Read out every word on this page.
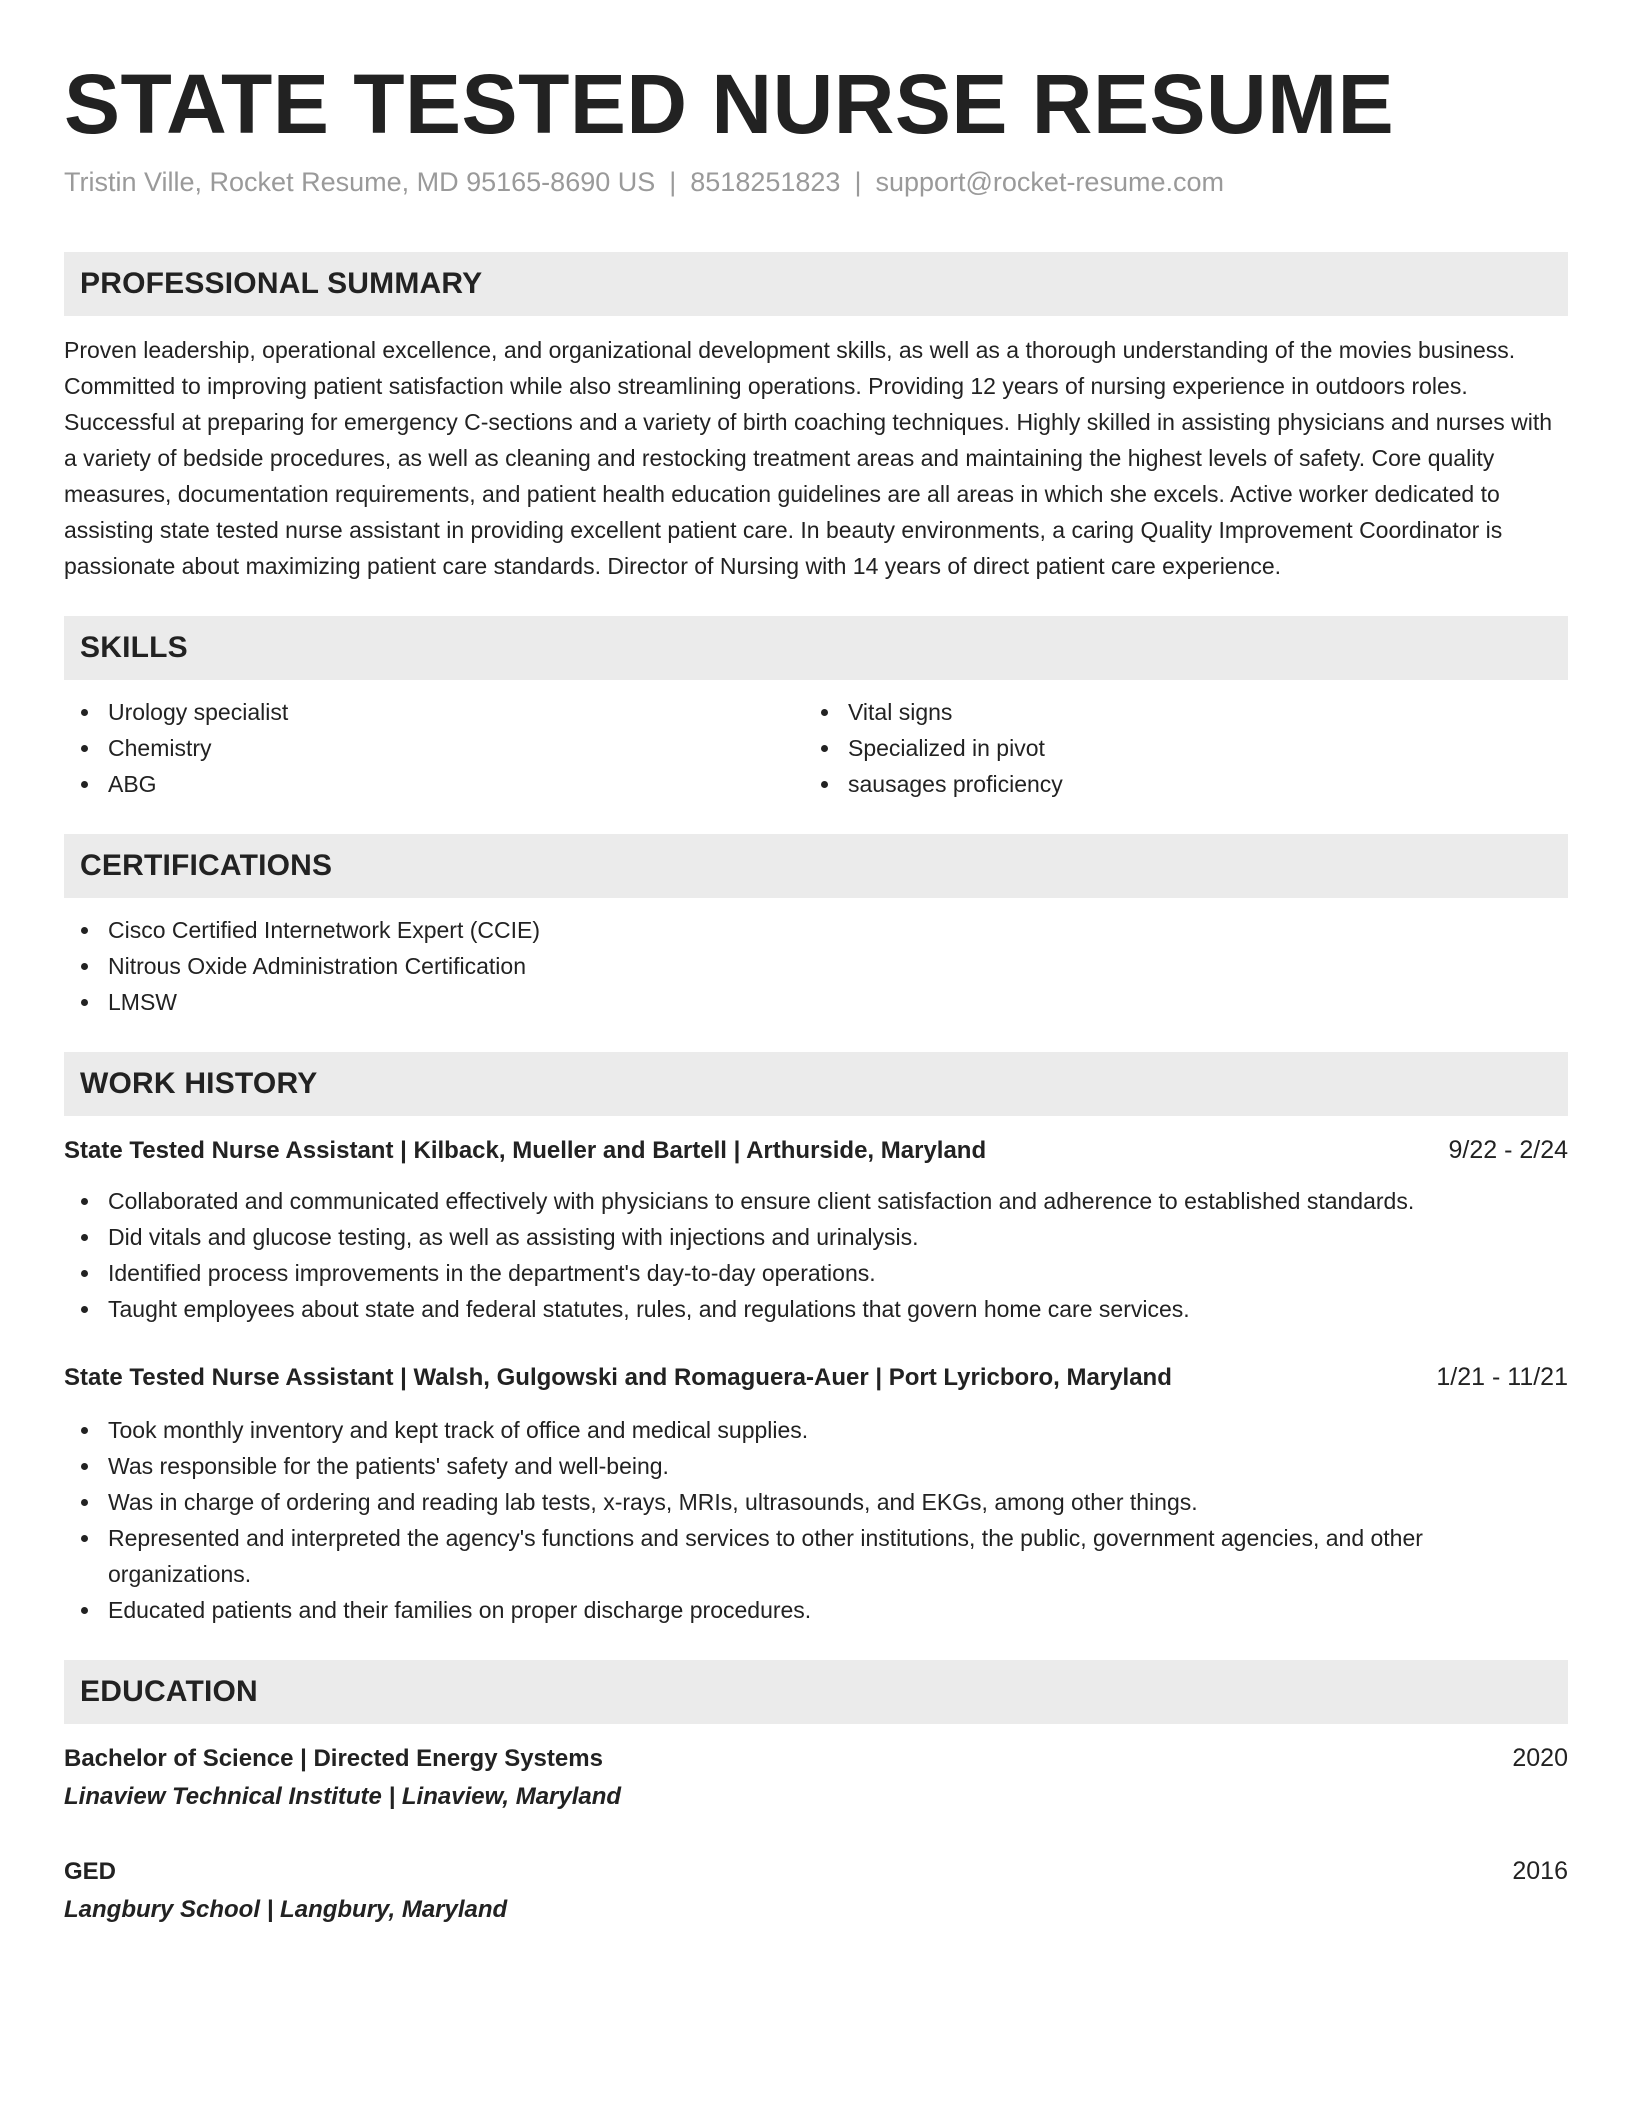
STATE TESTED NURSE RESUME
Tristin Ville, Rocket Resume, MD 95165-8690 US | 8518251823 | support@rocket-resume.com
PROFESSIONAL SUMMARY

Proven leadership, operational excellence, and organizational development skills, as well as a thorough understanding of the movies business. Committed to improving patient satisfaction while also streamlining operations. Providing 12 years of nursing experience in outdoors roles. Successful at preparing for emergency C-sections and a variety of birth coaching techniques. Highly skilled in assisting physicians and nurses with a variety of bedside procedures, as well as cleaning and restocking treatment areas and maintaining the highest levels of safety. Core quality measures, documentation requirements, and patient health education guidelines are all areas in which she excels. Active worker dedicated to assisting state tested nurse assistant in providing excellent patient care. In beauty environments, a caring Quality Improvement Coordinator is passionate about maximizing patient care standards. Director of Nursing with 14 years of direct patient care experience.

SKILLS
Urology specialist
Chemistry
ABG
Vital signs
Specialized in pivot
sausages proficiency
CERTIFICATIONS
Cisco Certified Internetwork Expert (CCIE)
Nitrous Oxide Administration Certification
LMSW
WORK HISTORY
State Tested Nurse Assistant | Kilback, Mueller and Bartell | Arthurside, Maryland	9/22 - 2/24
Collaborated and communicated effectively with physicians to ensure client satisfaction and adherence to established standards.
Did vitals and glucose testing, as well as assisting with injections and urinalysis.
Identified process improvements in the department's day-to-day operations.
Taught employees about state and federal statutes, rules, and regulations that govern home care services.
State Tested Nurse Assistant | Walsh, Gulgowski and Romaguera-Auer | Port Lyricboro, Maryland	1/21 - 11/21
Took monthly inventory and kept track of office and medical supplies.
Was responsible for the patients' safety and well-being.
Was in charge of ordering and reading lab tests, x-rays, MRIs, ultrasounds, and EKGs, among other things.
Represented and interpreted the agency's functions and services to other institutions, the public, government agencies, and other organizations.
Educated patients and their families on proper discharge procedures.
EDUCATION
Bachelor of Science | Directed Energy Systems	2020
Linaview Technical Institute | Linaview, Maryland
GED	2016
Langbury School | Langbury, Maryland
